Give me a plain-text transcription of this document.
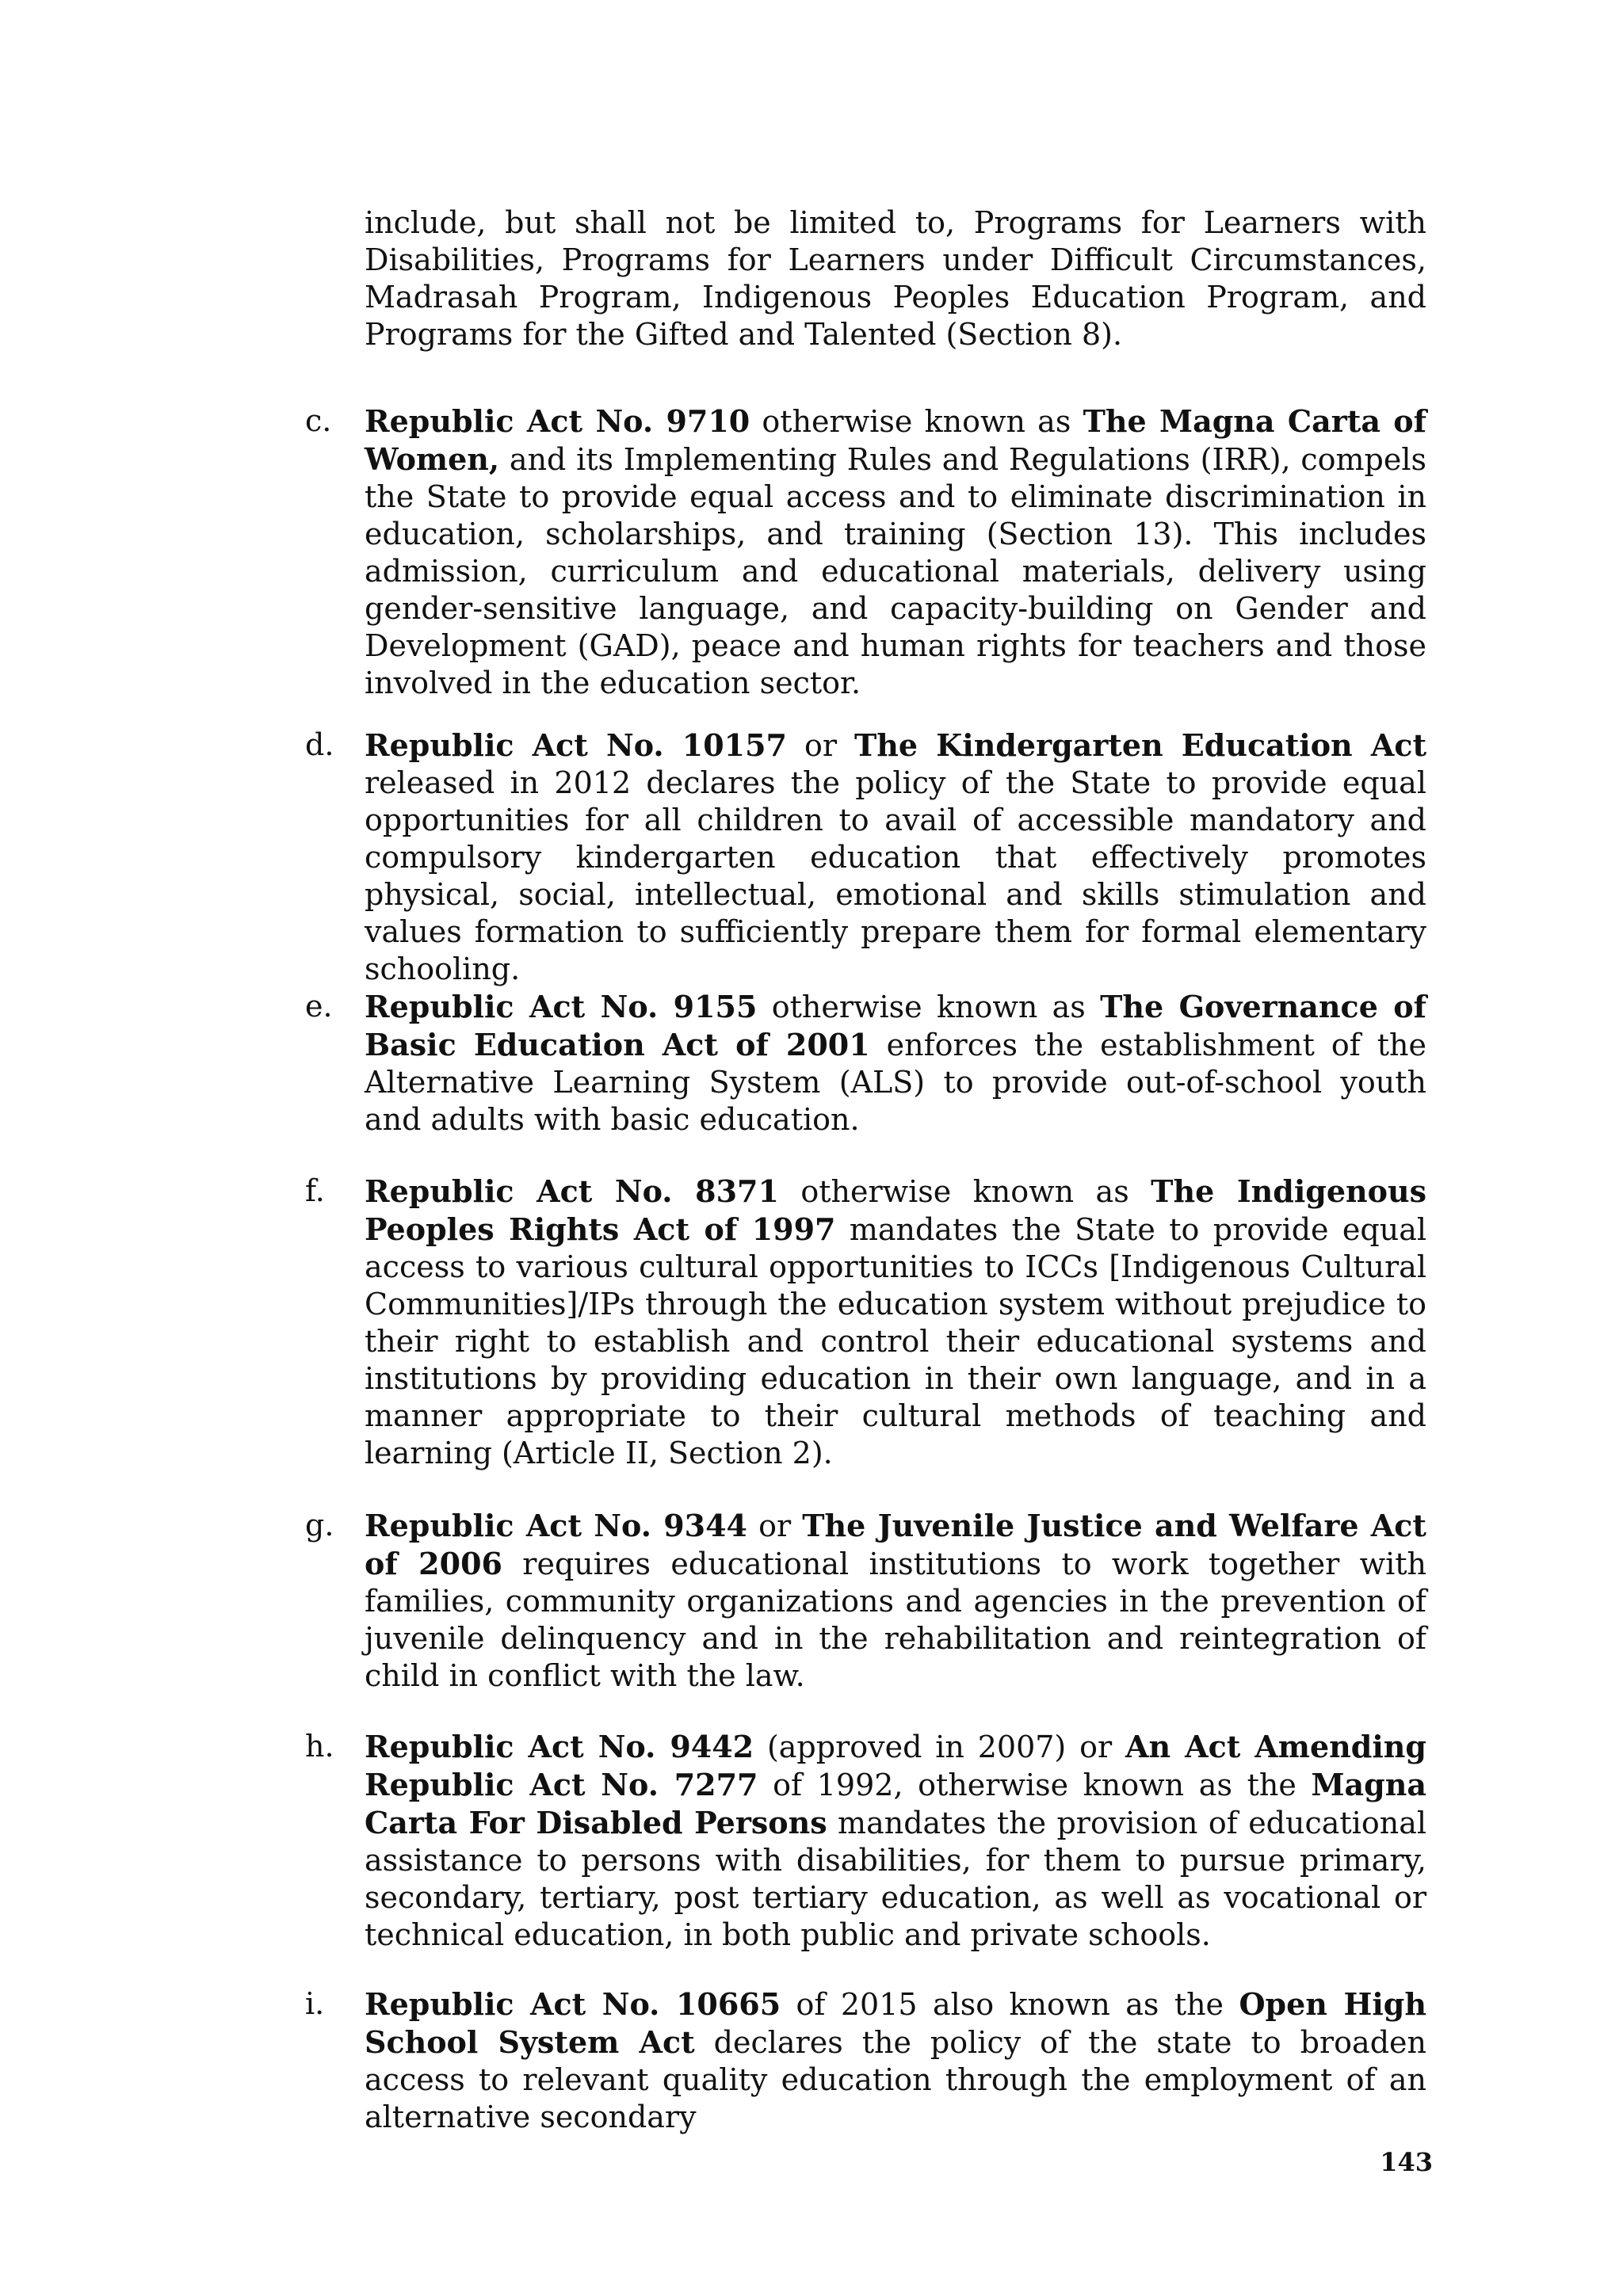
include, but shall not be limited to, Programs for Learners with Disabilities, Programs for Learners under Difficult Circumstances, Madrasah Program, Indigenous Peoples Education Program, and Programs for the Gifted and Talented (Section 8).

c.	Republic Act No. 9710 otherwise known as The Magna Carta of Women, and its Implementing Rules and Regulations (IRR), compels the State to provide equal access and to eliminate discrimination in education, scholarships, and training (Section 13). This includes admission, curriculum and educational materials, delivery using gender-sensitive language, and capacity-building on Gender and Development (GAD), peace and human rights for teachers and those involved in the education sector.

d.	Republic Act No. 10157 or The Kindergarten Education Act released in 2012 declares the policy of the State to provide equal opportunities for all children to avail of accessible mandatory and compulsory kindergarten education that effectively promotes physical, social, intellectual, emotional and skills stimulation and values formation to sufficiently prepare them for formal elementary schooling.

e.	Republic Act No. 9155 otherwise known as The Governance of Basic Education Act of 2001 enforces the establishment of the Alternative Learning System (ALS) to provide out-of-school youth and adults with basic education.

f.	Republic Act No. 8371 otherwise known as The Indigenous Peoples Rights Act of 1997 mandates the State to provide equal access to various cultural opportunities to ICCs [Indigenous Cultural Communities]/IPs through the education system without prejudice to their right to establish and control their educational systems and institutions by providing education in their own language, and in a manner appropriate to their cultural methods of teaching and learning (Article II, Section 2).

g.	Republic Act No. 9344 or The Juvenile Justice and Welfare Act of 2006 requires educational institutions to work together with families, community organizations and agencies in the prevention of juvenile delinquency and in the rehabilitation and reintegration of child in conflict with the law.

h.	Republic Act No. 9442 (approved in 2007) or An Act Amending Republic Act No. 7277 of 1992, otherwise known as the Magna Carta For Disabled Persons mandates the provision of educational assistance to persons with disabilities, for them to pursue primary, secondary, tertiary, post tertiary education, as well as vocational or technical education, in both public and private schools.

i.	Republic Act No. 10665 of 2015 also known as the Open High School System Act declares the policy of the state to broaden access to relevant quality education through the employment of an alternative secondary

143
